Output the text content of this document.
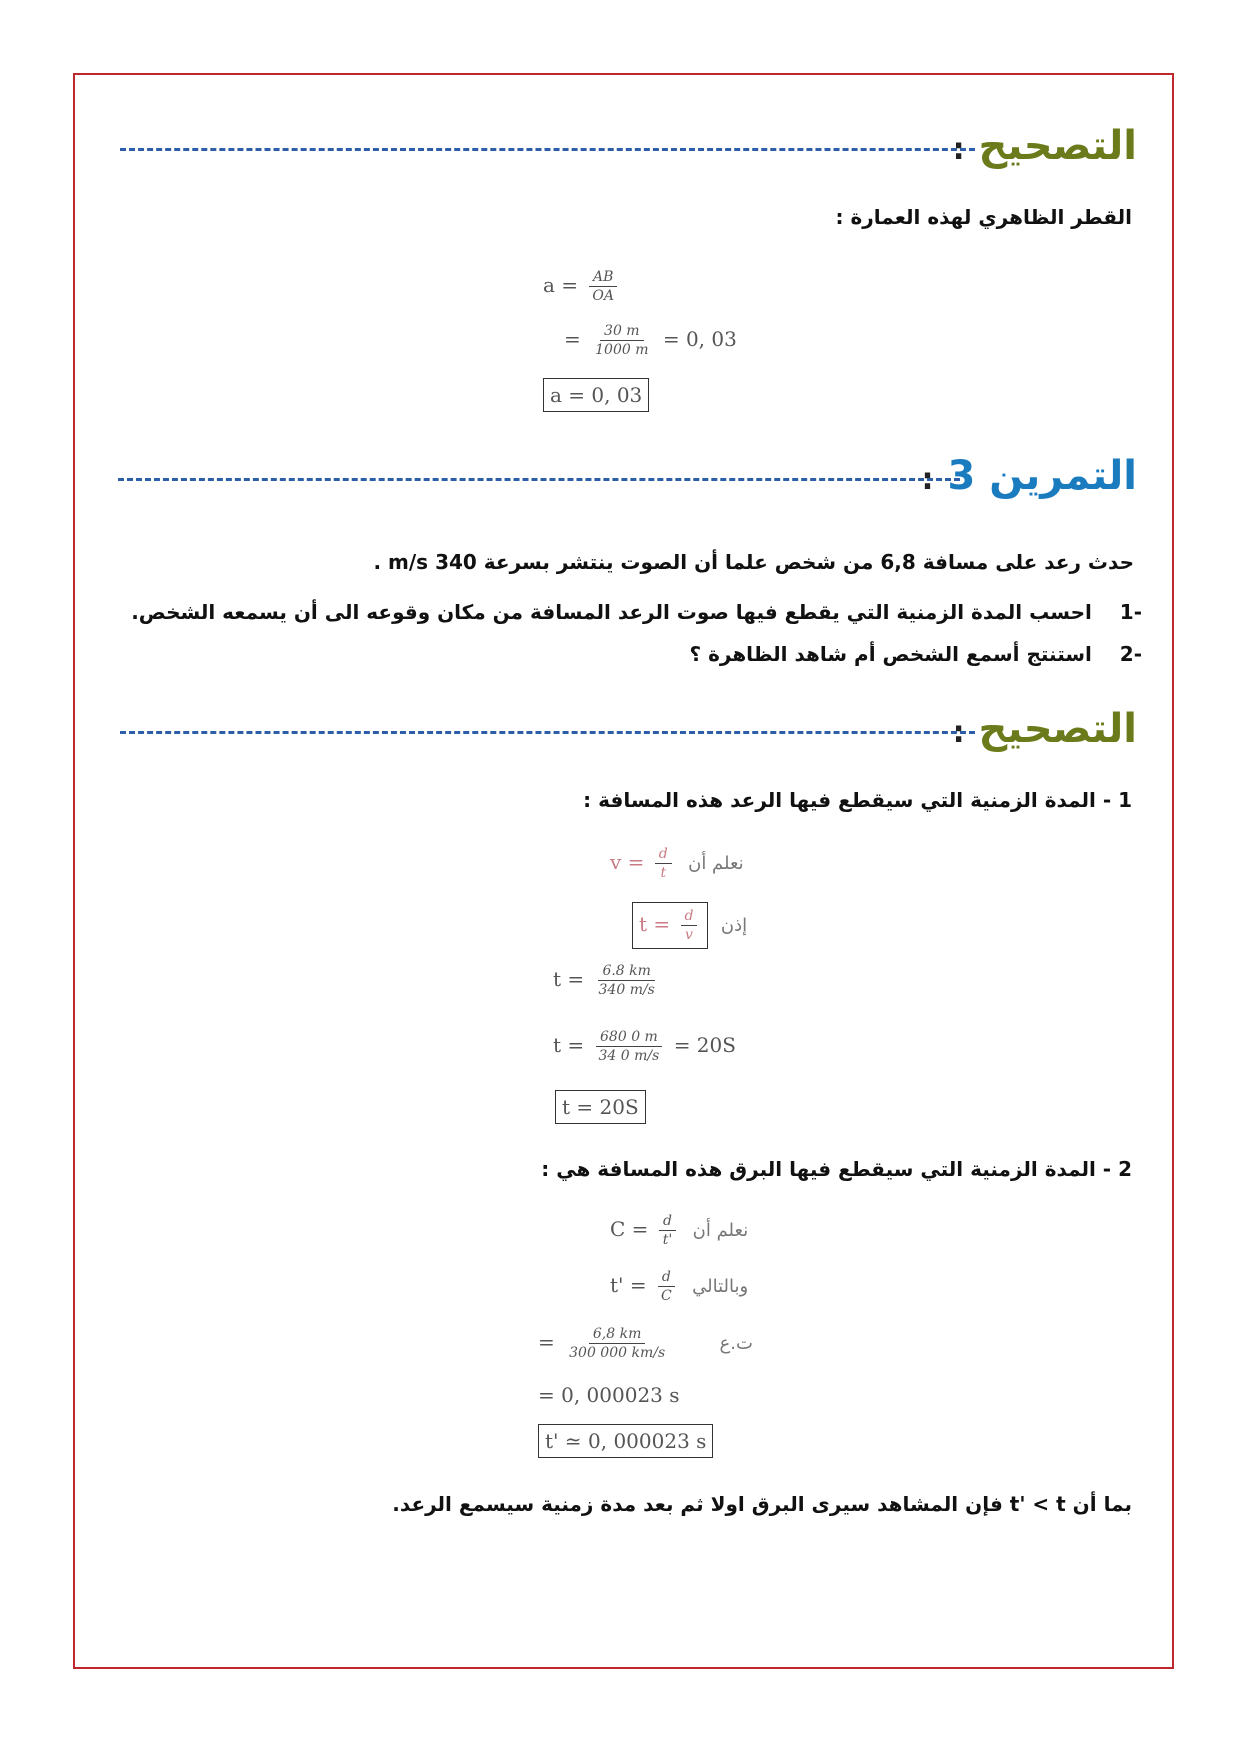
التصحيح :
القطر الظاهري لهذه العمارة :
$a = \frac{AB}{OA}$
= $\frac{30 m}{1000 m} = 0$, 03
a = 0, 03
التمرين 3 :
حدث رعد على مسافة 6,8 من شخص علما أن الصوت ينتشر بسرعة 340 m/s .
-1    احسب المدة الزمنية التي يقطع فيها صوت الرعد المسافة من مكان وقوعه الى أن يسمعه الشخص.
-2    استنتج أسمع الشخص أم شاهد الظاهرة ؟
التصحيح :
1 - المدة الزمنية التي سيقطع فيها الرعد هذه المسافة :
$v = \frac{d}{t}$ نعلم أن
$t = \frac{d}{v}$ إذن
$t = \frac{6.8 km}{340 m/s}$
$t = \frac{680 0 m}{34 0 m/s} = 20S$
t = 20S
2 - المدة الزمنية التي سيقطع فيها البرق هذه المسافة هي :
$C = \frac{d}{t'}$ نعلم أن
$t' = \frac{d}{C}$ وبالتالي
= $\frac{6,8 km}{300 000 km/s}$	ت.ع
= 0, 000023 s
t' ≃ 0, 000023 s
بما أن t' < t فإن المشاهد سيرى البرق اولا ثم بعد مدة زمنية سيسمع الرعد.
